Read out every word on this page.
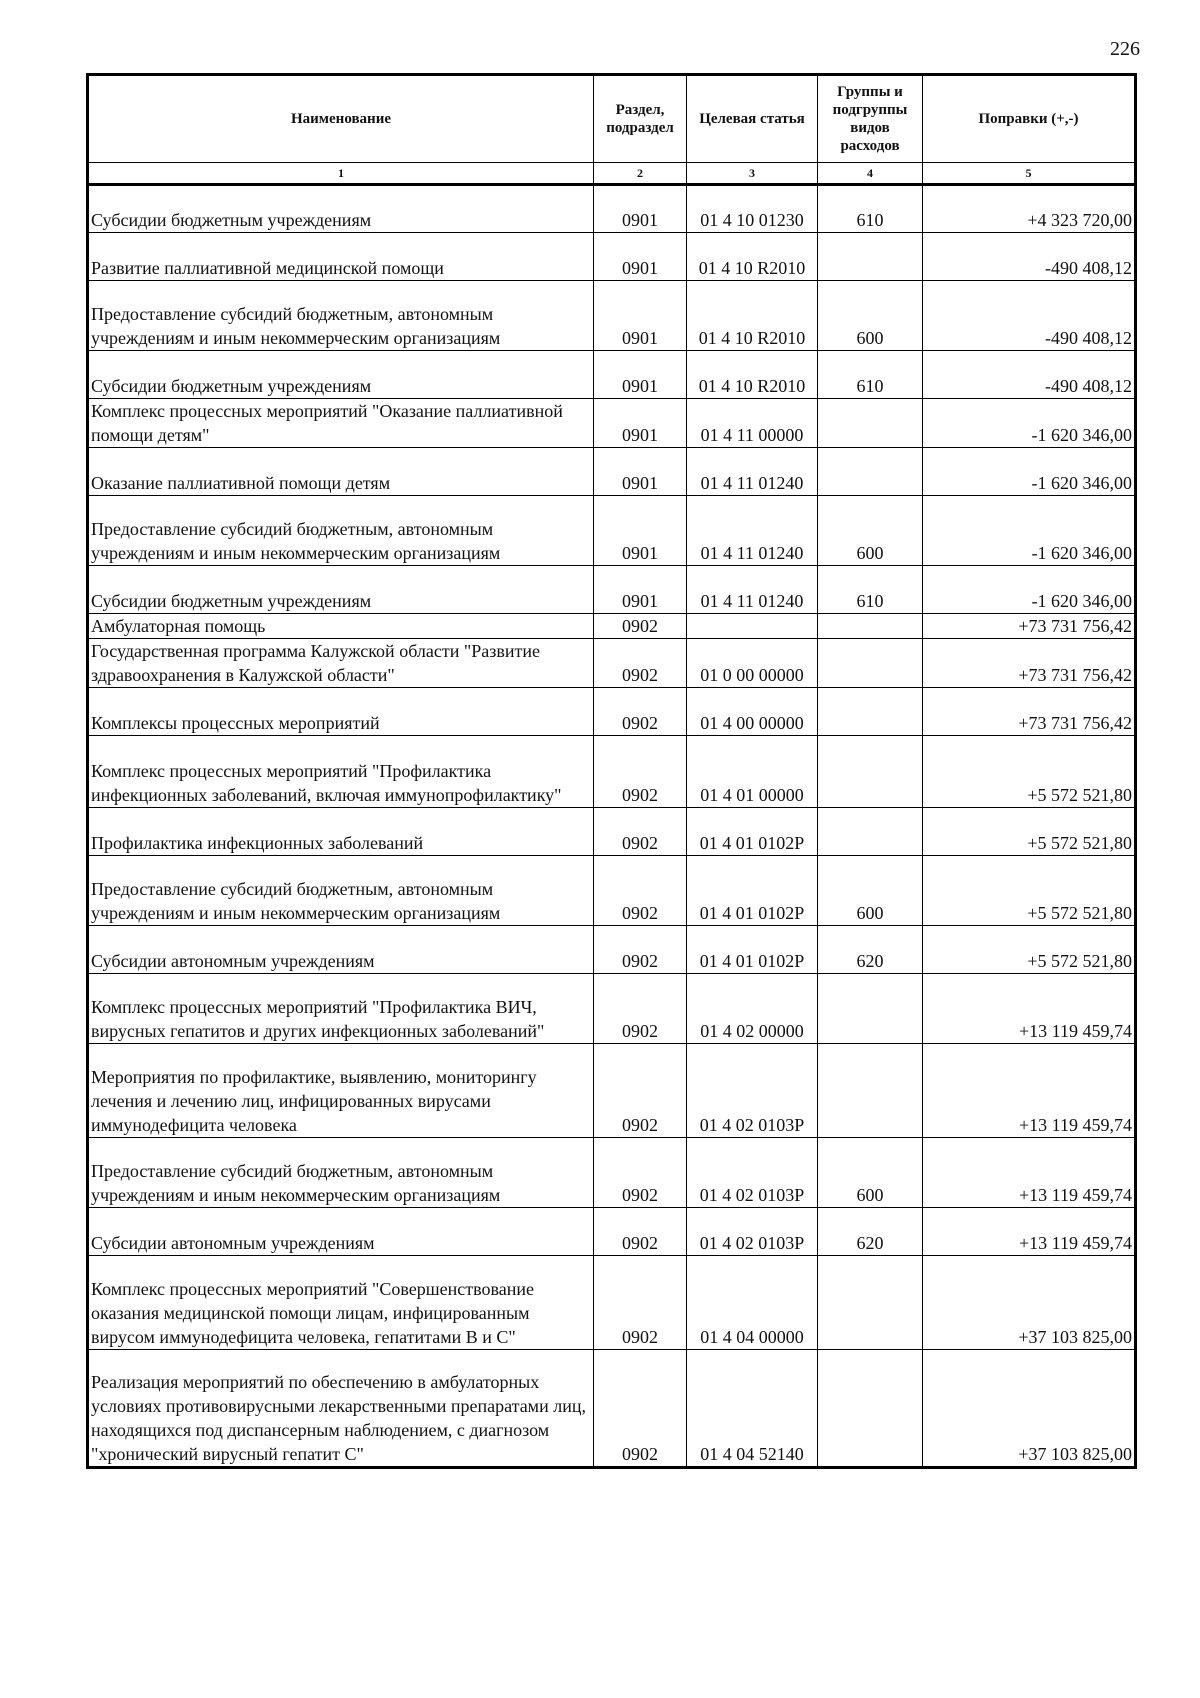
226
Наименование	Раздел, подраздел	Целевая статья	Группы и подгруппы видов расходов	Поправки (+,-)
1	2	3	4	5
Субсидии бюджетным учреждениям	0901	01 4 10 01230	610	+4 323 720,00
Развитие паллиативной медицинской помощи	0901	01 4 10 R2010		-490 408,12
Предоставление субсидий бюджетным, автономным учреждениям и иным некоммерческим организациям	0901	01 4 10 R2010	600	-490 408,12
Субсидии бюджетным учреждениям	0901	01 4 10 R2010	610	-490 408,12
Комплекс процессных мероприятий "Оказание паллиативной помощи детям"	0901	01 4 11 00000		-1 620 346,00
Оказание паллиативной помощи детям	0901	01 4 11 01240		-1 620 346,00
Предоставление субсидий бюджетным, автономным учреждениям и иным некоммерческим организациям	0901	01 4 11 01240	600	-1 620 346,00
Субсидии бюджетным учреждениям	0901	01 4 11 01240	610	-1 620 346,00
Амбулаторная помощь	0902			+73 731 756,42
Государственная программа Калужской области "Развитие здравоохранения в Калужской области"	0902	01 0 00 00000		+73 731 756,42
Комплексы процессных мероприятий	0902	01 4 00 00000		+73 731 756,42
Комплекс процессных мероприятий "Профилактика инфекционных заболеваний, включая иммунопрофилактику"	0902	01 4 01 00000		+5 572 521,80
Профилактика инфекционных заболеваний	0902	01 4 01 0102Р		+5 572 521,80
Предоставление субсидий бюджетным, автономным учреждениям и иным некоммерческим организациям	0902	01 4 01 0102Р	600	+5 572 521,80
Субсидии автономным учреждениям	0902	01 4 01 0102Р	620	+5 572 521,80
Комплекс процессных мероприятий "Профилактика ВИЧ, вирусных гепатитов и других инфекционных заболеваний"	0902	01 4 02 00000		+13 119 459,74
Мероприятия по профилактике, выявлению, мониторингу лечения и лечению лиц, инфицированных вирусами иммунодефицита человека	0902	01 4 02 0103Р		+13 119 459,74
Предоставление субсидий бюджетным, автономным учреждениям и иным некоммерческим организациям	0902	01 4 02 0103Р	600	+13 119 459,74
Субсидии автономным учреждениям	0902	01 4 02 0103Р	620	+13 119 459,74
Комплекс процессных мероприятий "Совершенствование оказания медицинской помощи лицам, инфицированным вирусом иммунодефицита человека, гепатитами В и С"	0902	01 4 04 00000		+37 103 825,00
Реализация мероприятий по обеспечению в амбулаторных условиях противовирусными лекарственными препаратами лиц, находящихся под диспансерным наблюдением, с диагнозом "хронический вирусный гепатит С"	0902	01 4 04 52140		+37 103 825,00
